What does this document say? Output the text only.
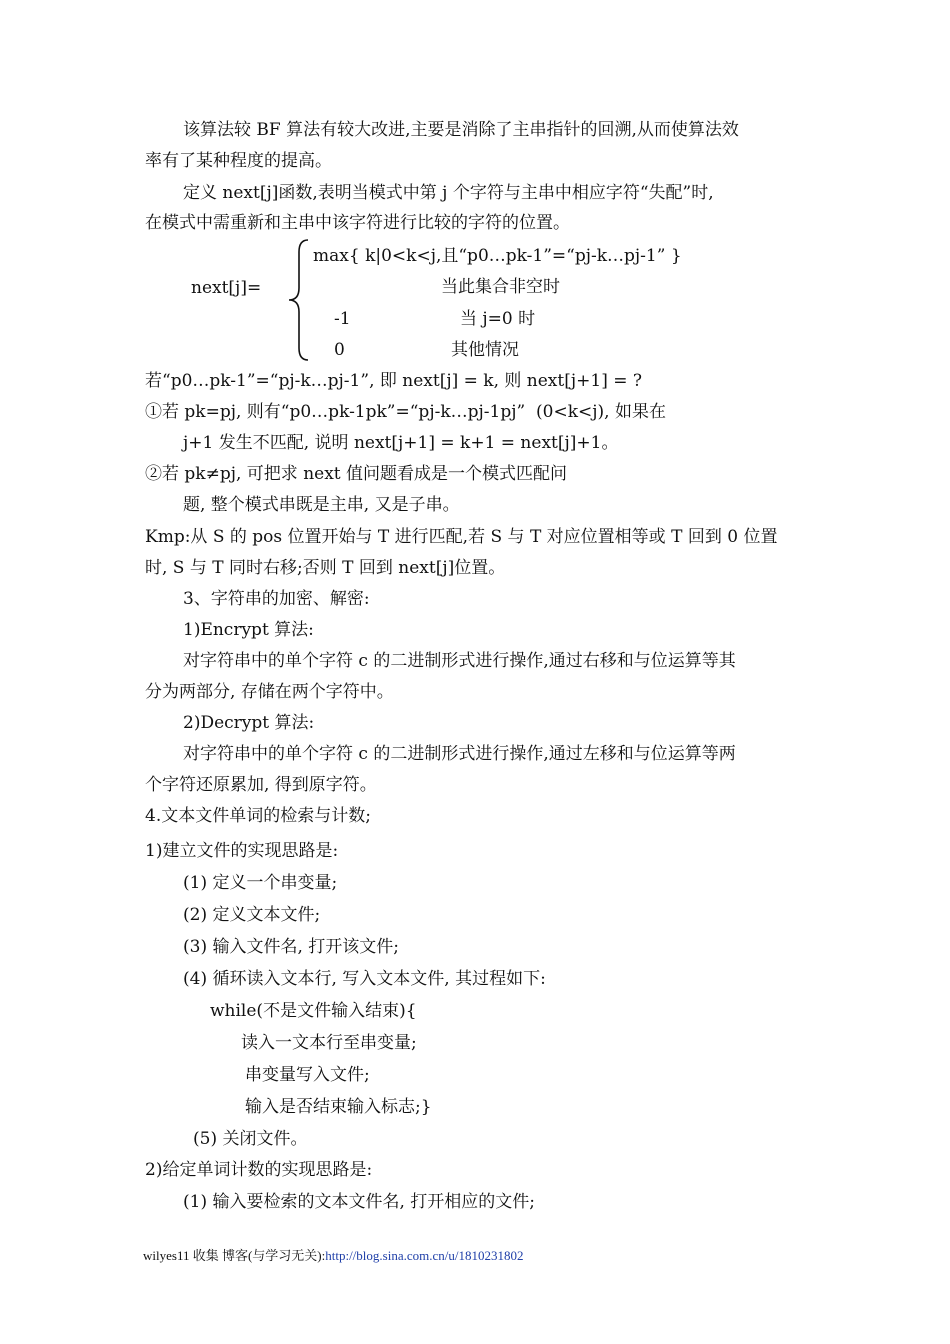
该算法较 BF 算法有较大改进,主要是消除了主串指针的回溯,从而使算法效
率有了某种程度的提高。
定义 next[j]函数,表明当模式中第 j 个字符与主串中相应字符“失配”时,
在模式中需重新和主串中该字符进行比较的字符的位置。
next[j]=
max{ k|0<k<j,且“p0…pk-1”=“pj-k…pj-1” }
当此集合非空时
-1	当 j=0 时
0	其他情况
若“p0…pk-1”=“pj-k…pj-1”, 即 next[j] = k, 则 next[j+1] = ?
①若 pk=pj, 则有“p0…pk-1pk”=“pj-k…pj-1pj”  (0<k<j), 如果在
j+1 发生不匹配, 说明 next[j+1] = k+1 = next[j]+1。
②若 pk≠pj, 可把求 next 值问题看成是一个模式匹配问
题, 整个模式串既是主串, 又是子串。
Kmp:从 S 的 pos 位置开始与 T 进行匹配,若 S 与 T 对应位置相等或 T 回到 0 位置
时, S 与 T 同时右移;否则 T 回到 next[j]位置。
3、字符串的加密、解密:
1)Encrypt 算法:
对字符串中的单个字符 c 的二进制形式进行操作,通过右移和与位运算等其
分为两部分, 存储在两个字符中。
2)Decrypt 算法:
对字符串中的单个字符 c 的二进制形式进行操作,通过左移和与位运算等两
个字符还原累加, 得到原字符。
4.文本文件单词的检索与计数;
1)建立文件的实现思路是:
(1) 定义一个串变量;
(2) 定义文本文件;
(3) 输入文件名, 打开该文件;
(4) 循环读入文本行, 写入文本文件, 其过程如下:
while(不是文件输入结束){
读入一文本行至串变量;
串变量写入文件;
输入是否结束输入标志;}
(5) 关闭文件。
2)给定单词计数的实现思路是:
(1) 输入要检索的文本文件名, 打开相应的文件;
wilyes11 收集 博客(与学习无关):http://blog.sina.com.cn/u/1810231802
